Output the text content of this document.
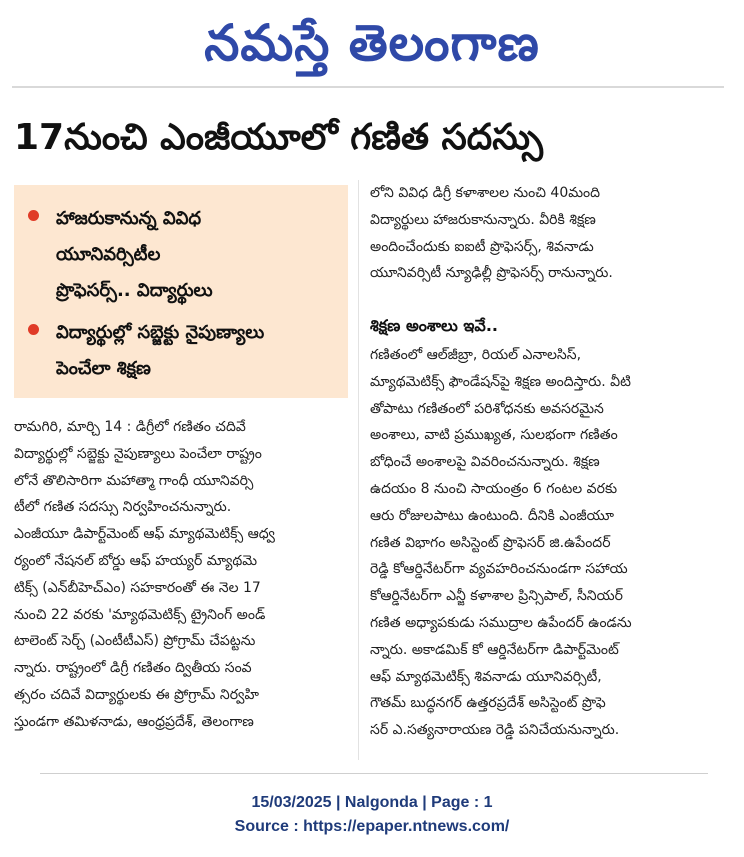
నమస్తే తెలంగాణ
17నుంచి ఎంజీయూలో గణిత సదస్సు
హాజరుకానున్న వివిధ
యూనివర్సిటీల
ప్రొఫెసర్స్.. విద్యార్థులు
విద్యార్థుల్లో సబ్జెక్టు నైపుణ్యాలు
పెంచేలా శిక్షణ
రామగిరి, మార్చి 14 : డిగ్రీలో గణితం చదివే
విద్యార్థుల్లో సబ్జెక్టు నైపుణ్యాలు పెంచేలా రాష్ట్రం
లోనే తొలిసారిగా మహాత్మా గాంధీ యూనివర్సి
టీలో గణిత సదస్సు నిర్వహించనున్నారు.
ఎంజీయూ డిపార్ట్‌మెంట్ ఆఫ్ మ్యాథమెటిక్స్ ఆధ్వ
ర్యంలో నేషనల్ బోర్డు ఆఫ్ హయ్యర్ మ్యాథమె
టిక్స్ (ఎన్‌బీహెచ్‌ఎం) సహకారంతో ఈ నెల 17
నుంచి 22 వరకు 'మ్యాథమెటిక్స్ ట్రైనింగ్ అండ్
టాలెంట్ సెర్చ్ (ఎంటీటీఎస్) ప్రోగ్రామ్ చేపట్టను
న్నారు. రాష్ట్రంలో డిగ్రీ గణితం ద్వితీయ సంవ
త్సరం చదివే విద్యార్థులకు ఈ ప్రోగ్రామ్ నిర్వహి
స్తుండగా తమిళనాడు, ఆంధ్రప్రదేశ్, తెలంగాణ
లోని వివిధ డిగ్రీ కళాశాలల నుంచి 40మంది
విద్యార్థులు హాజరుకానున్నారు. వీరికి శిక్షణ
అందించేందుకు ఐఐటీ ప్రొఫెసర్స్, శివనాడు
యూనివర్సిటీ న్యూఢిల్లీ ప్రొఫెసర్స్ రానున్నారు.
శిక్షణ అంశాలు ఇవే..
గణితంలో ఆల్‌జీబ్రా, రియల్ ఎనాలసిస్,
మ్యాథమెటిక్స్ ఫౌండేషన్‌పై శిక్షణ అందిస్తారు. వీటి
తోపాటు గణితంలో పరిశోధనకు అవసరమైన
అంశాలు, వాటి ప్రముఖ్యత, సులభంగా గణితం
బోధించే అంశాలపై వివరించనున్నారు. శిక్షణ
ఉదయం 8 నుంచి సాయంత్రం 6 గంటల వరకు
ఆరు రోజులపాటు ఉంటుంది. దీనికి ఎంజీయూ
గణిత విభాగం అసిస్టెంట్ ప్రొఫెసర్ జి.ఉపేందర్
రెడ్డి కోఆర్డినేటర్‌గా వ్యవహరించనుండగా సహాయ
కోఆర్డినేటర్‌గా ఎన్జీ కళాశాల ప్రిన్సిపాల్, సీనియర్
గణిత అధ్యాపకుడు సముద్రాల ఉపేందర్ ఉండను
న్నారు. అకాడమిక్ కో ఆర్డినేటర్‌గా డిపార్ట్‌మెంట్
ఆఫ్ మ్యాథమెటిక్స్ శివనాడు యూనివర్సిటీ,
గౌతమ్ బుద్ధనగర్ ఉత్తరప్రదేశ్ అసిస్టెంట్ ప్రొఫె
సర్ ఎ.సత్యనారాయణ రెడ్డి పనిచేయనున్నారు.
15/03/2025 | Nalgonda | Page : 1
Source : https://epaper.ntnews.com/
